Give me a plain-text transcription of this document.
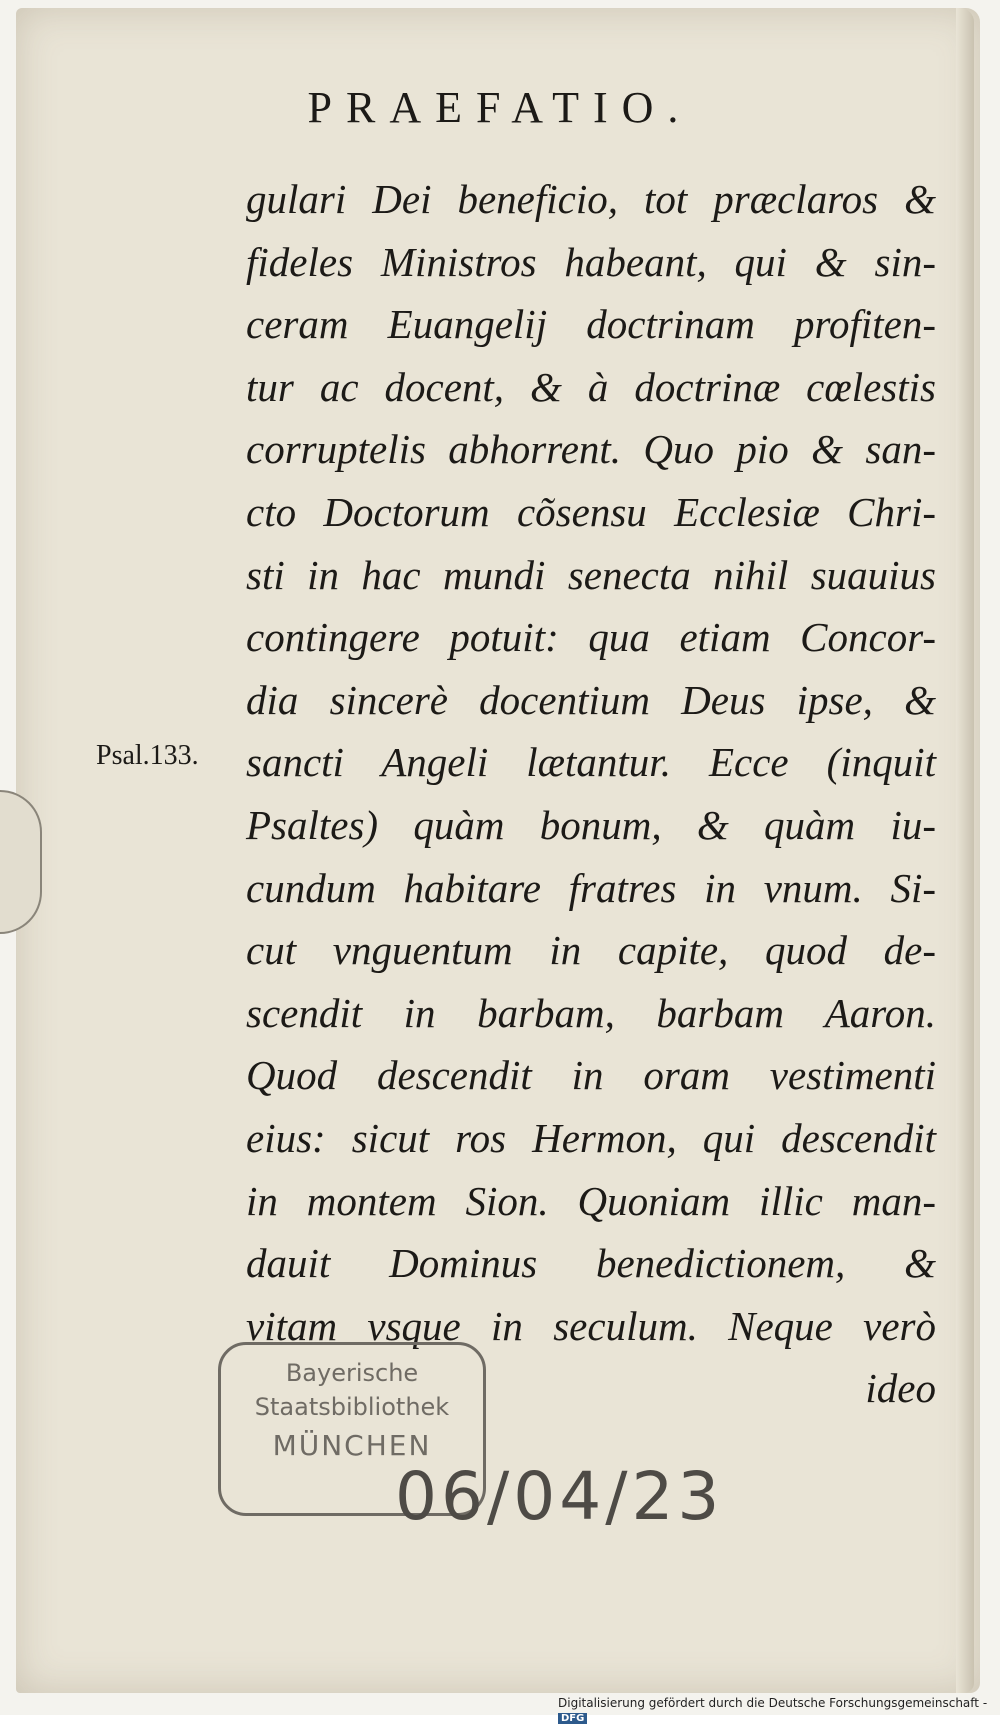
PRAEFATIO.
Psal.133.
gulari Dei beneficio, tot præclaros &
fideles Ministros habeant, qui & sin-
ceram Euangelij doctrinam profiten-
tur ac docent, & à doctrinæ cœlestis
corruptelis abhorrent. Quo pio & san-
cto Doctorum cõsensu Ecclesiæ Chri-
sti in hac mundi senecta nihil suauius
contingere potuit: qua etiam Concor-
dia sincerè docentium Deus ipse, &
sancti Angeli lætantur. Ecce (inquit
Psaltes) quàm bonum, & quàm iu-
cundum habitare fratres in vnum. Si-
cut vnguentum in capite, quod de-
scendit in barbam, barbam Aaron.
Quod descendit in oram vestimenti
eius: sicut ros Hermon, qui descendit
in montem Sion. Quoniam illic man-
dauit Dominus benedictionem, &
vitam vsque in seculum. Neque verò
ideo
Bayerische
Staatsbibliothek
MÜNCHEN
06/04/23
Digitalisierung gefördert durch die Deutsche Forschungsgemeinschaft - DFG
